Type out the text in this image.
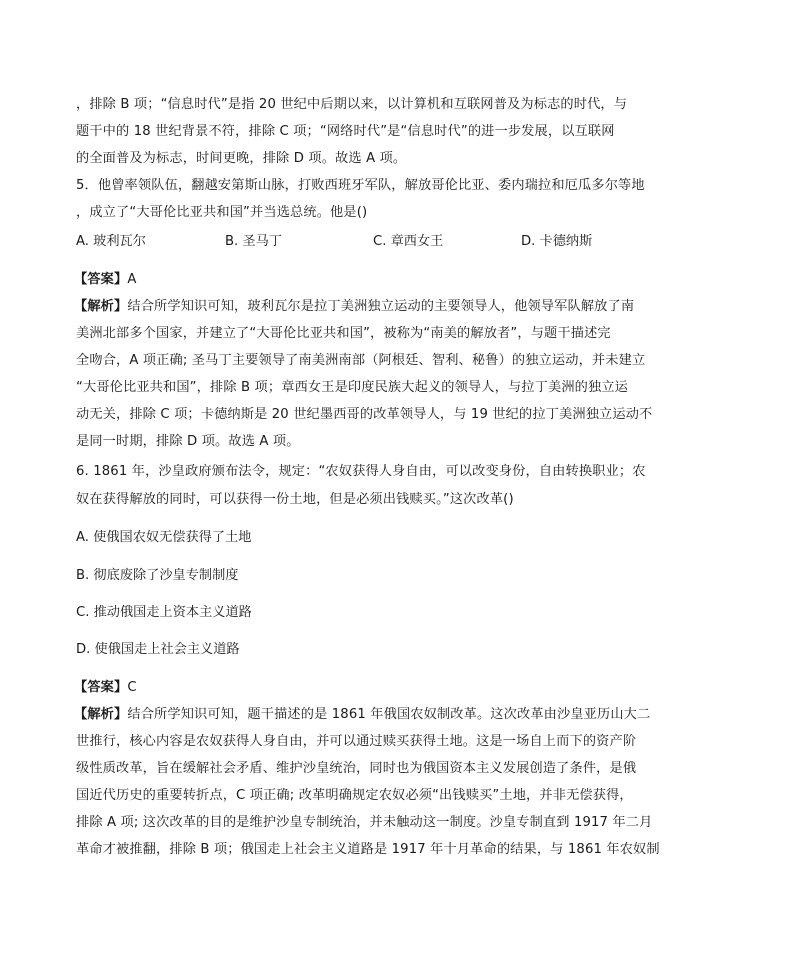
，排除 B 项；“信息时代”是指 20 世纪中后期以来，以计算机和互联网普及为标志的时代，与
题干中的 18 世纪背景不符，排除 C 项；“网络时代”是“信息时代”的进一步发展，以互联网
的全面普及为标志，时间更晚，排除 D 项。故选 A 项。
5．他曾率领队伍，翻越安第斯山脉，打败西班牙军队，解放哥伦比亚、委内瑞拉和厄瓜多尔等地
，成立了“大哥伦比亚共和国”并当选总统。他是()
A. 玻利瓦尔	B. 圣马丁	C. 章西女王	D. 卡德纳斯
【答案】A
【解析】结合所学知识可知，玻利瓦尔是拉丁美洲独立运动的主要领导人，他领导军队解放了南
美洲北部多个国家，并建立了“大哥伦比亚共和国”，被称为“南美的解放者”，与题干描述完
全吻合，A 项正确; 圣马丁主要领导了南美洲南部（阿根廷、智利、秘鲁）的独立运动，并未建立
“大哥伦比亚共和国”，排除 B 项；章西女王是印度民族大起义的领导人，与拉丁美洲的独立运
动无关，排除 C 项；卡德纳斯是 20 世纪墨西哥的改革领导人，与 19 世纪的拉丁美洲独立运动不
是同一时期，排除 D 项。故选 A 项。
6. 1861 年，沙皇政府颁布法令，规定：“农奴获得人身自由，可以改变身份，自由转换职业；农
奴在获得解放的同时，可以获得一份土地，但是必须出钱赎买。”这次改革()
A. 使俄国农奴无偿获得了土地
B. 彻底废除了沙皇专制制度
C. 推动俄国走上资本主义道路
D. 使俄国走上社会主义道路
【答案】C
【解析】结合所学知识可知，题干描述的是 1861 年俄国农奴制改革。这次改革由沙皇亚历山大二
世推行，核心内容是农奴获得人身自由，并可以通过赎买获得土地。这是一场自上而下的资产阶
级性质改革，旨在缓解社会矛盾、维护沙皇统治，同时也为俄国资本主义发展创造了条件，是俄
国近代历史的重要转折点，C 项正确; 改革明确规定农奴必须“出钱赎买”土地，并非无偿获得，
排除 A 项; 这次改革的目的是维护沙皇专制统治，并未触动这一制度。沙皇专制直到 1917 年二月
革命才被推翻，排除 B 项；俄国走上社会主义道路是 1917 年十月革命的结果，与 1861 年农奴制
